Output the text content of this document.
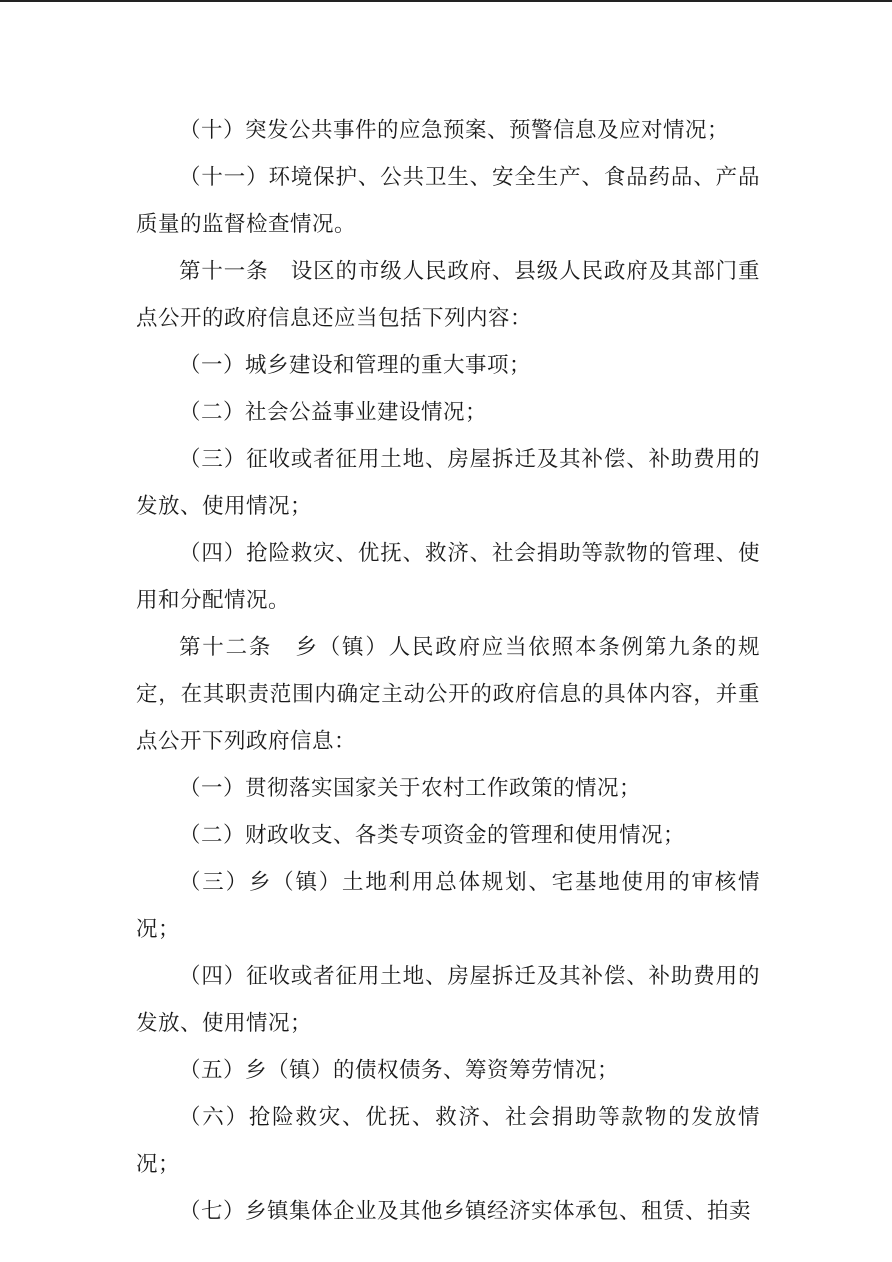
（十）突发公共事件的应急预案、预警信息及应对情况；

（十一）环境保护、公共卫生、安全生产、食品药品、产品质量的监督检查情况。

第十一条　设区的市级人民政府、县级人民政府及其部门重点公开的政府信息还应当包括下列内容：

（一）城乡建设和管理的重大事项；

（二）社会公益事业建设情况；

（三）征收或者征用土地、房屋拆迁及其补偿、补助费用的发放、使用情况；

（四）抢险救灾、优抚、救济、社会捐助等款物的管理、使用和分配情况。

第十二条　乡（镇）人民政府应当依照本条例第九条的规定，在其职责范围内确定主动公开的政府信息的具体内容，并重点公开下列政府信息：

（一）贯彻落实国家关于农村工作政策的情况；

（二）财政收支、各类专项资金的管理和使用情况；

（三）乡（镇）土地利用总体规划、宅基地使用的审核情况；

（四）征收或者征用土地、房屋拆迁及其补偿、补助费用的发放、使用情况；

（五）乡（镇）的债权债务、筹资筹劳情况；

（六）抢险救灾、优抚、救济、社会捐助等款物的发放情况；

（七）乡镇集体企业及其他乡镇经济实体承包、租赁、拍卖
